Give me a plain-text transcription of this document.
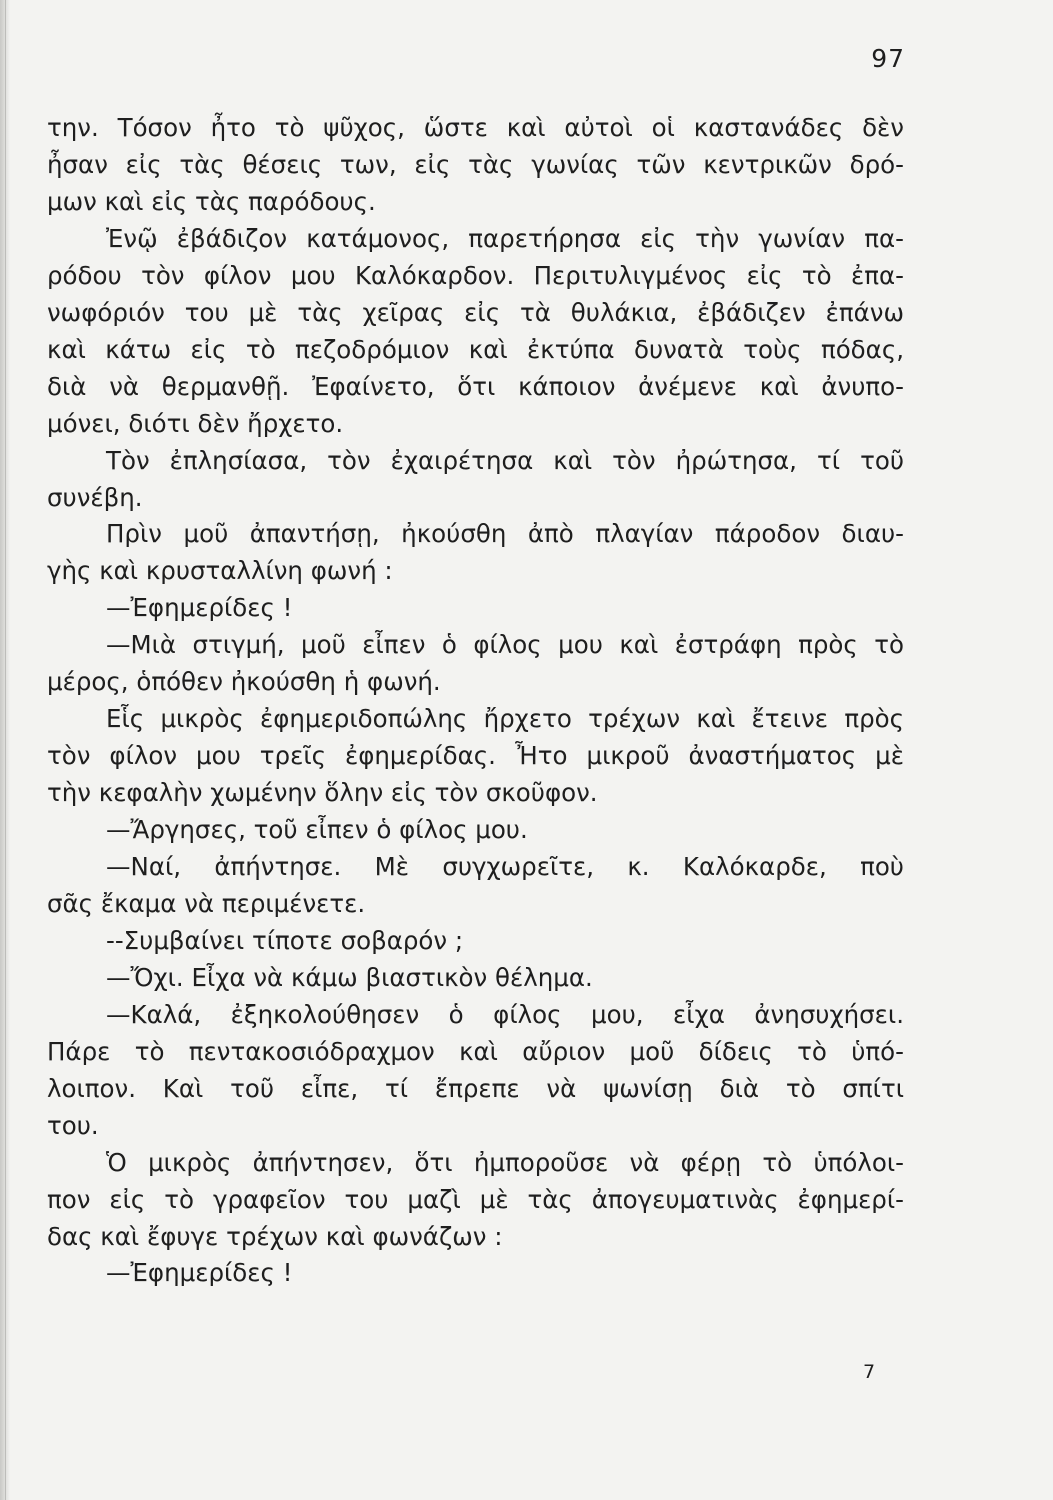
97
την. Τόσον ἦτο τὸ ψῦχος, ὥστε καὶ αὐτοὶ οἱ καστανάδες δὲν
ἦσαν εἰς τὰς θέσεις των, εἰς τὰς γωνίας τῶν κεντρικῶν δρό-
μων καὶ εἰς τὰς παρόδους.
Ἐνῷ ἐβάδιζον κατάμονος, παρετήρησα εἰς τὴν γωνίαν πα-
ρόδου τὸν φίλον μου Καλόκαρδον. Περιτυλιγμένος εἰς τὸ ἐπα-
νωφόριόν του μὲ τὰς χεῖρας εἰς τὰ θυλάκια, ἐβάδιζεν ἐπάνω
καὶ κάτω εἰς τὸ πεζοδρόμιον καὶ ἐκτύπα δυνατὰ τοὺς πόδας,
διὰ νὰ θερμανθῇ. Ἐφαίνετο, ὅτι κάποιον ἀνέμενε καὶ ἀνυπο-
μόνει, διότι δὲν ἤρχετο.
Τὸν ἐπλησίασα, τὸν ἐχαιρέτησα καὶ τὸν ἠρώτησα, τί τοῦ
συνέβη.
Πρὶν μοῦ ἀπαντήσῃ, ἠκούσθη ἀπὸ πλαγίαν πάροδον διαυ-
γὴς καὶ κρυσταλλίνη φωνή :
—Ἐφημερίδες !
—Μιὰ στιγμή, μοῦ εἶπεν ὁ φίλος μου καὶ ἐστράφη πρὸς τὸ
μέρος, ὁπόθεν ἠκούσθη ἡ φωνή.
Εἷς μικρὸς ἐφημεριδοπώλης ἤρχετο τρέχων καὶ ἔτεινε πρὸς
τὸν φίλον μου τρεῖς ἐφημερίδας. Ἦτο μικροῦ ἀναστήματος μὲ
τὴν κεφαλὴν χωμένην ὅλην εἰς τὸν σκοῦφον.
—Ἄργησες, τοῦ εἶπεν ὁ φίλος μου.
—Ναί, ἀπήντησε. Μὲ συγχωρεῖτε, κ. Καλόκαρδε, ποὺ
σᾶς ἔκαμα νὰ περιμένετε.
--Συμβαίνει τίποτε σοβαρόν ;
—Ὄχι. Εἶχα νὰ κάμω βιαστικὸν θέλημα.
—Καλά, ἐξηκολούθησεν ὁ φίλος μου, εἶχα ἀνησυχήσει.
Πάρε τὸ πεντακοσιόδραχμον καὶ αὔριον μοῦ δίδεις τὸ ὑπό-
λοιπον. Καὶ τοῦ εἶπε, τί ἔπρεπε νὰ ψωνίσῃ διὰ τὸ σπίτι
του.
Ὁ μικρὸς ἀπήντησεν, ὅτι ἠμποροῦσε νὰ φέρῃ τὸ ὑπόλοι-
πον εἰς τὸ γραφεῖον του μαζὶ μὲ τὰς ἀπογευματινὰς ἐφημερί-
δας καὶ ἔφυγε τρέχων καὶ φωνάζων :
—Ἐφημερίδες !
7
